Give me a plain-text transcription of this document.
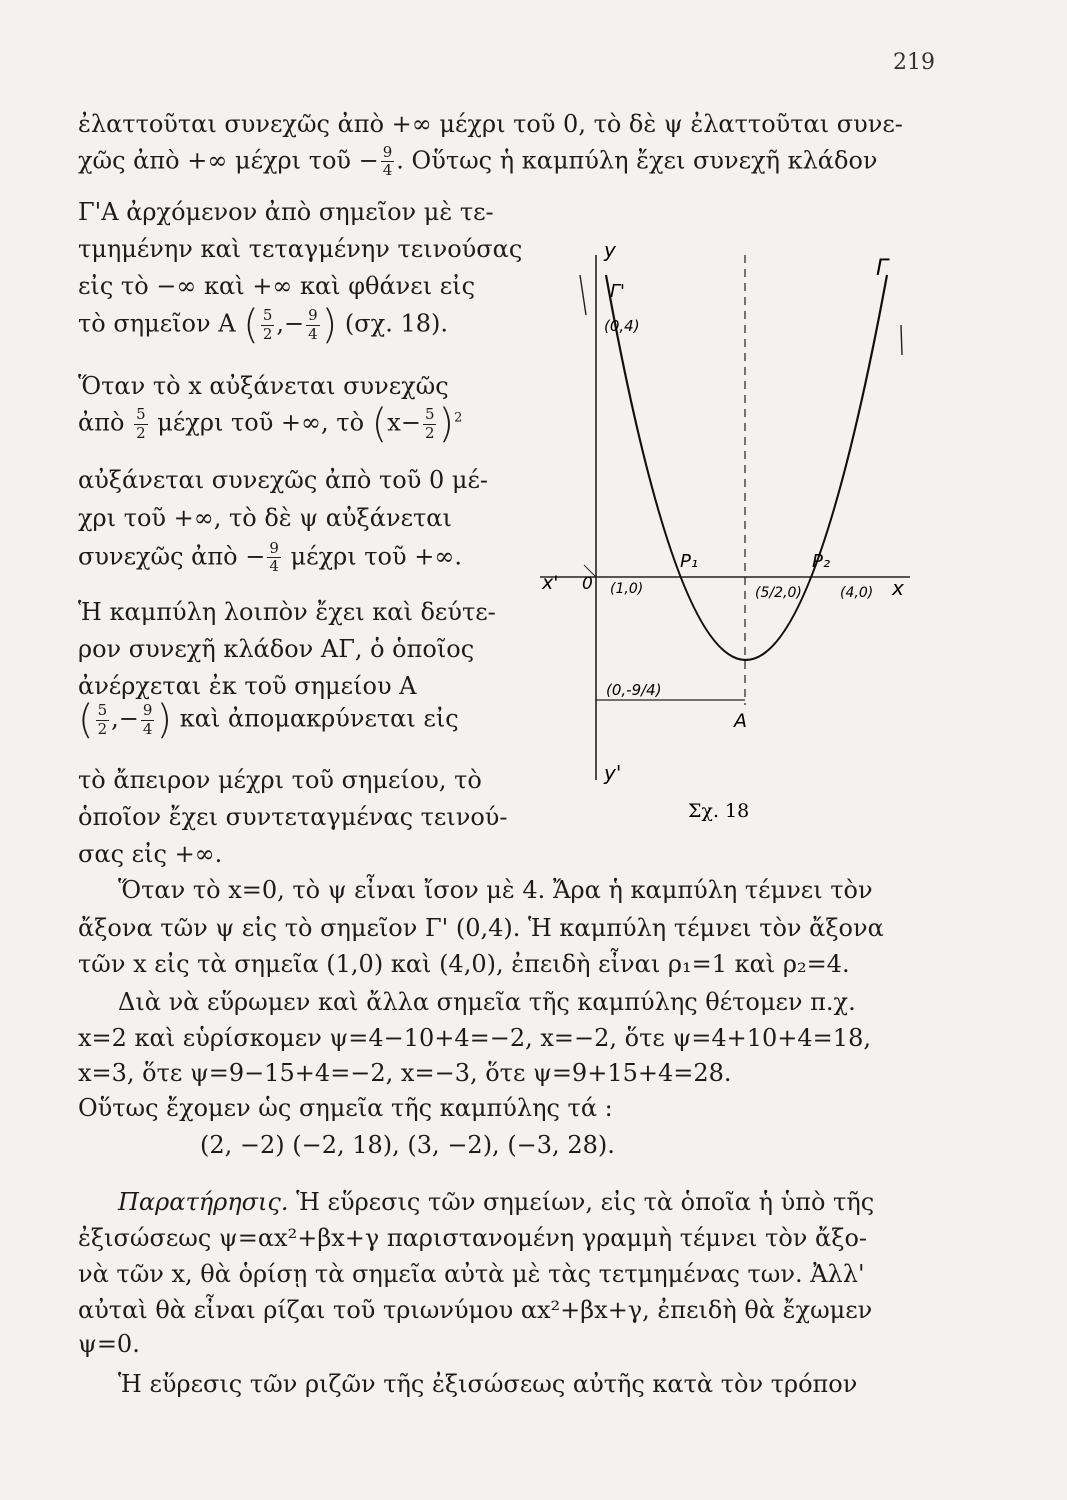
219
ἐλαττοῦται συνεχῶς ἀπὸ +∞ μέχρι τοῦ 0, τὸ δὲ ψ ἐλαττοῦται συνε-
χῶς ἀπὸ +∞ μέχρι τοῦ − $\frac{9}{4}$ . Οὕτως ἡ καμπύλη ἔχει συνεχῆ κλάδον
Γ'Α ἀρχόμενον ἀπὸ σημεῖον μὲ τε-
τμημένην καὶ τεταγμένην τεινούσας
εἰς τὸ −∞ καὶ +∞ καὶ φθάνει εἰς
τὸ σημεῖον Α ( $\frac{5}{2}$ ,− $\frac{9}{4}$ ) (σχ. 18).
Ὅταν τὸ x αὐξάνεται συνεχῶς
ἀπὸ $\frac{5}{2}$ μέχρι τοῦ +∞, τὸ $(x- \frac{5}{2} )^2$
αὐξάνεται συνεχῶς ἀπὸ τοῦ 0 μέ-
χρι τοῦ +∞, τὸ δὲ ψ αὐξάνεται
συνεχῶς ἀπὸ − $\frac{9}{4}$ μέχρι τοῦ +∞.
Ἡ καμπύλη λοιπὸν ἔχει καὶ δεύτε-
ρον συνεχῆ κλάδον ΑΓ, ὁ ὁποῖος
ἀνέρχεται ἐκ τοῦ σημείου Α
( $\frac{5}{2}$ ,− $\frac{9}{4}$ ) καὶ ἀπομακρύνεται εἰς
τὸ ἄπειρον μέχρι τοῦ σημείου, τὸ
ὁποῖον ἔχει συντεταγμένας τεινού-
σας εἰς +∞.
Ὅταν τὸ x=0, τὸ ψ εἶναι ἴσον μὲ 4. Ἄρα ἡ καμπύλη τέμνει τὸν
ἄξονα τῶν ψ εἰς τὸ σημεῖον Γ' (0,4). Ἡ καμπύλη τέμνει τὸν ἄξονα
τῶν x εἰς τὰ σημεῖα (1,0) καὶ (4,0), ἐπειδὴ εἶναι ρ₁=1 καὶ ρ₂=4.
Διὰ νὰ εὕρωμεν καὶ ἄλλα σημεῖα τῆς καμπύλης θέτομεν π.χ.
x=2 καὶ εὑρίσκομεν ψ=4−10+4=−2, x=−2, ὅτε ψ=4+10+4=18,
x=3, ὅτε ψ=9−15+4=−2, x=−3, ὅτε ψ=9+15+4=28.
Οὕτως ἔχομεν ὡς σημεῖα τῆς καμπύλης τά :
(2, −2) (−2, 18), (3, −2), (−3, 28).
Παρατήρησις. Ἡ εὕρεσις τῶν σημείων, εἰς τὰ ὁποῖα ἡ ὑπὸ τῆς
ἐξισώσεως ψ=αx²+βx+γ παριστανομένη γραμμὴ τέμνει τὸν ἄξο-
νὰ τῶν x, θὰ ὁρίσῃ τὰ σημεῖα αὐτὰ μὲ τὰς τετμημένας των. Ἀλλ'
αὐταὶ θὰ εἶναι ρίζαι τοῦ τριωνύμου αx²+βx+γ, ἐπειδὴ θὰ ἔχωμεν
ψ=0.
Ἡ εὕρεσις τῶν ριζῶν τῆς ἐξισώσεως αὐτῆς κατὰ τὸν τρόπον
y
Γ'
Γ
(0,4)
x' 0 (1,0)
P₁	P₂
(5/2,0)	(4,0) x
(0,-9/4)
A
y'
Σχ. 18
